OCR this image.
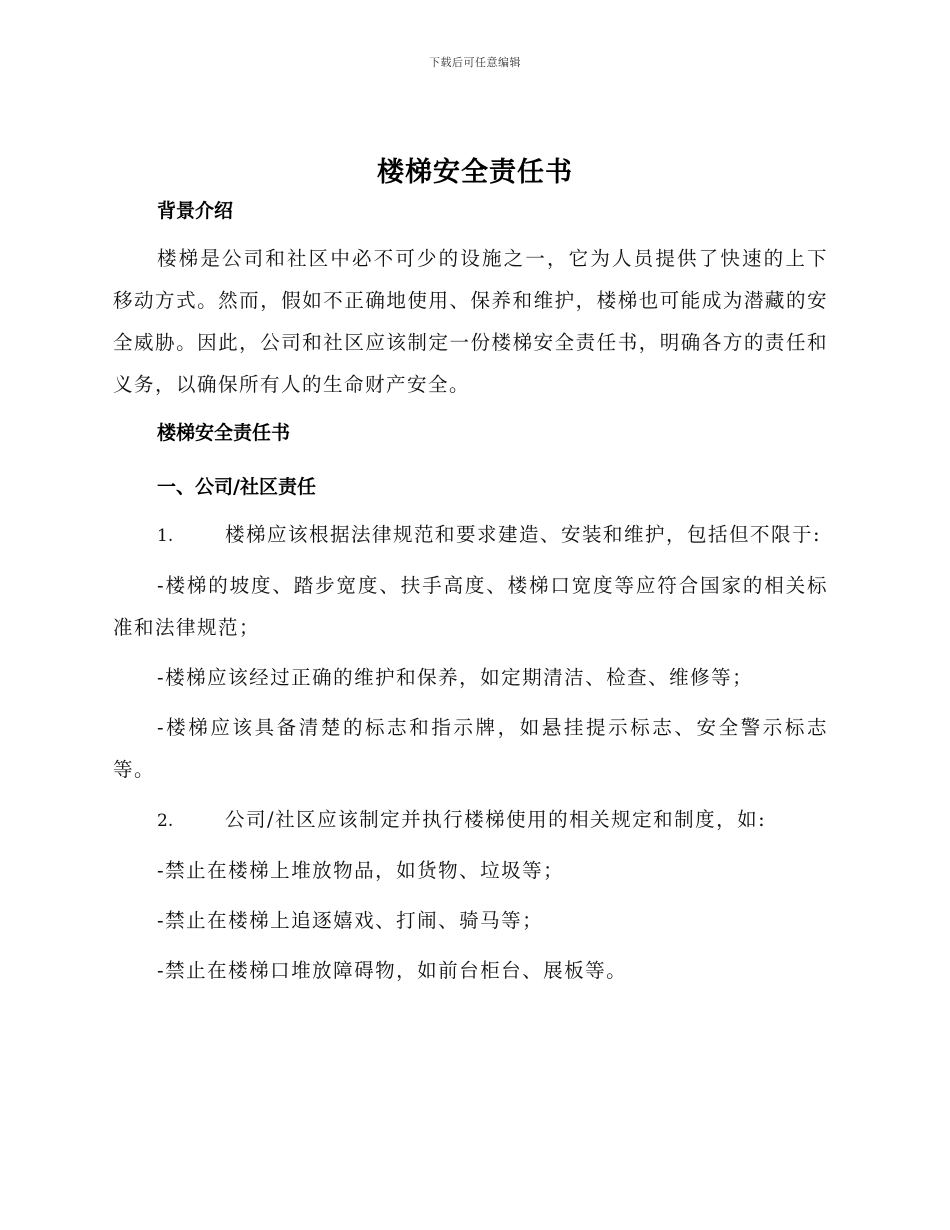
下载后可任意编辑
楼梯安全责任书

背景介绍

楼梯是公司和社区中必不可少的设施之一，它为人员提供了快速的上下移动方式。然而，假如不正确地使用、保养和维护，楼梯也可能成为潜藏的安全威胁。因此，公司和社区应该制定一份楼梯安全责任书，明确各方的责任和义务，以确保所有人的生命财产安全。

楼梯安全责任书

一、公司/社区责任

1.	楼梯应该根据法律规范和要求建造、安装和维护，包括但不限于:

-楼梯的坡度、踏步宽度、扶手高度、楼梯口宽度等应符合国家的相关标准和法律规范；

-楼梯应该经过正确的维护和保养，如定期清洁、检查、维修等；

-楼梯应该具备清楚的标志和指示牌，如悬挂提示标志、安全警示标志等。

2.	公司/社区应该制定并执行楼梯使用的相关规定和制度，如:

-禁止在楼梯上堆放物品，如货物、垃圾等；

-禁止在楼梯上追逐嬉戏、打闹、骑马等；

-禁止在楼梯口堆放障碍物，如前台柜台、展板等。
